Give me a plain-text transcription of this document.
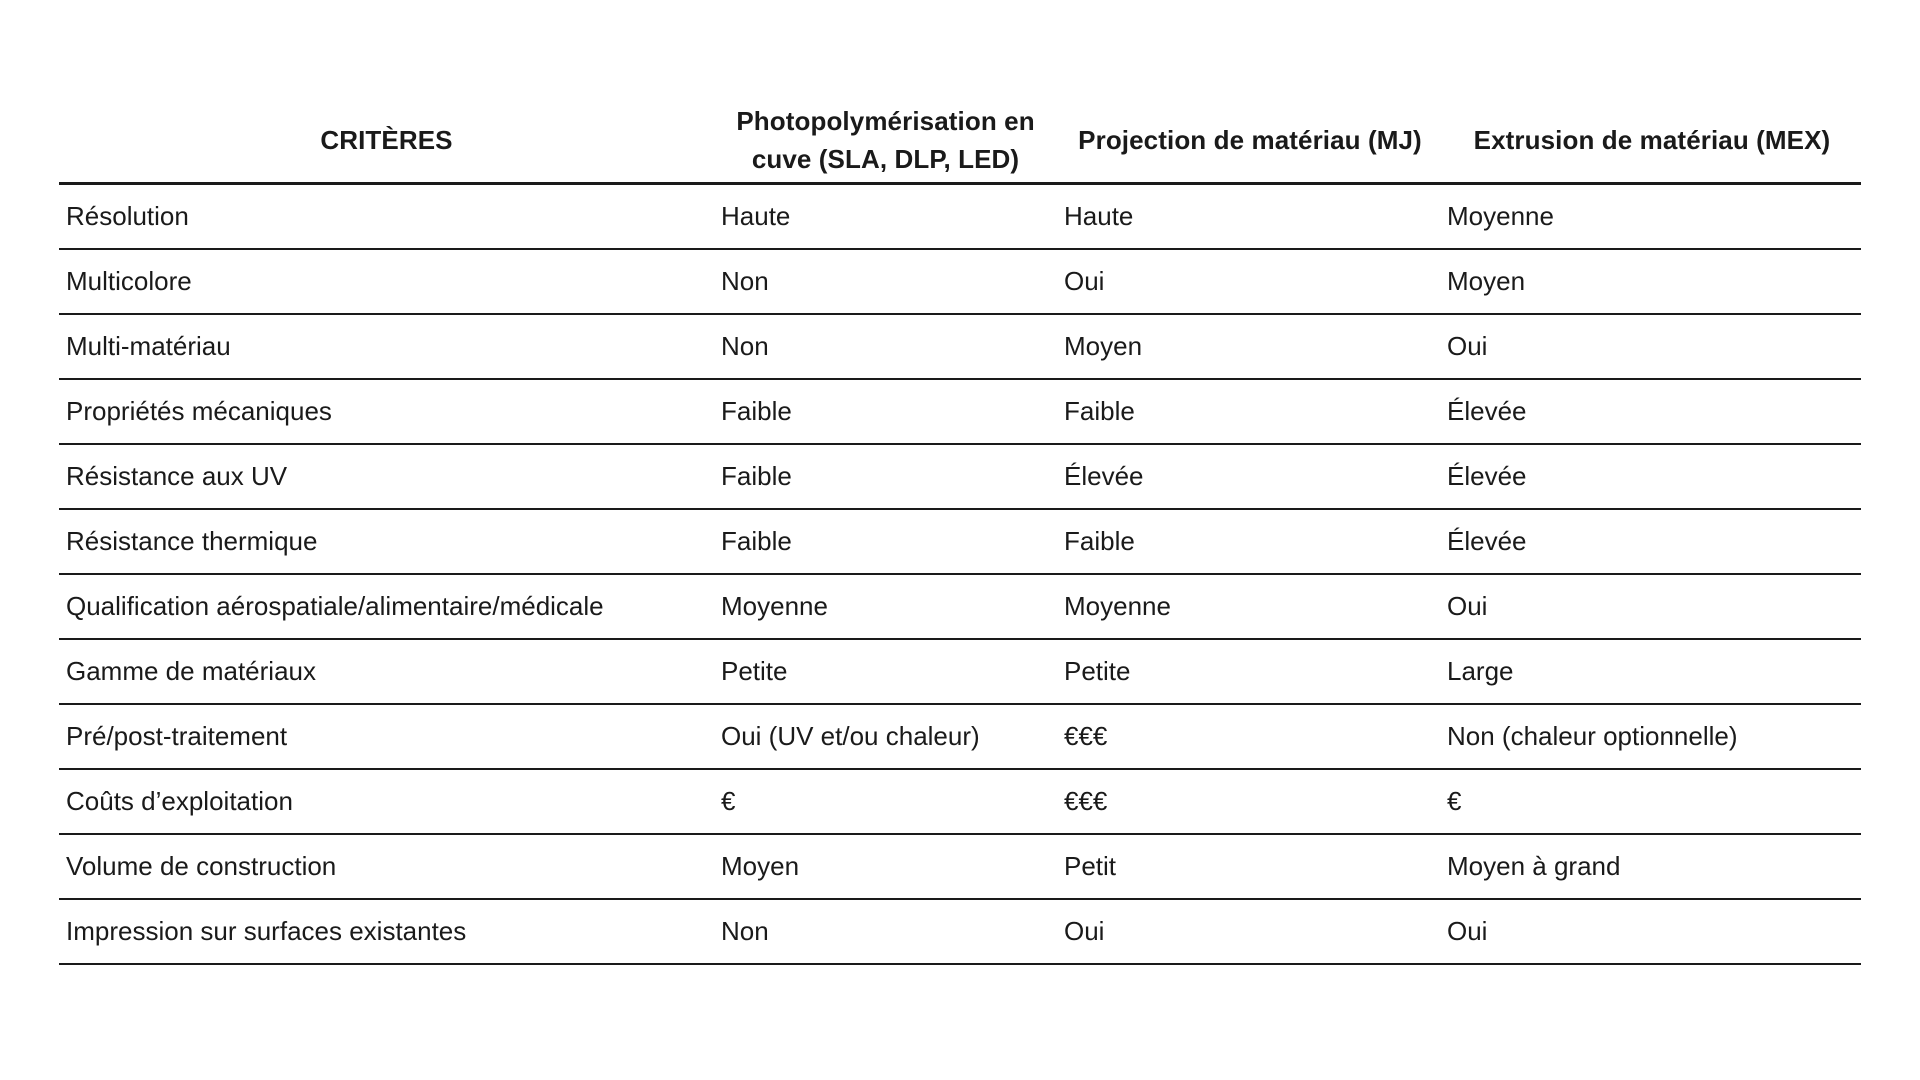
CRITÈRES	Photopolymérisation en cuve (SLA, DLP, LED)	Projection de matériau (MJ)	Extrusion de matériau (MEX)
Résolution	Haute	Haute	Moyenne
Multicolore	Non	Oui	Moyen
Multi-matériau	Non	Moyen	Oui
Propriétés mécaniques	Faible	Faible	Élevée
Résistance aux UV	Faible	Élevée	Élevée
Résistance thermique	Faible	Faible	Élevée
Qualification aérospatiale/alimentaire/médicale	Moyenne	Moyenne	Oui
Gamme de matériaux	Petite	Petite	Large
Pré/post-traitement	Oui (UV et/ou chaleur)	€€€	Non (chaleur optionnelle)
Coûts d’exploitation	€	€€€	€
Volume de construction	Moyen	Petit	Moyen à grand
Impression sur surfaces existantes	Non	Oui	Oui
